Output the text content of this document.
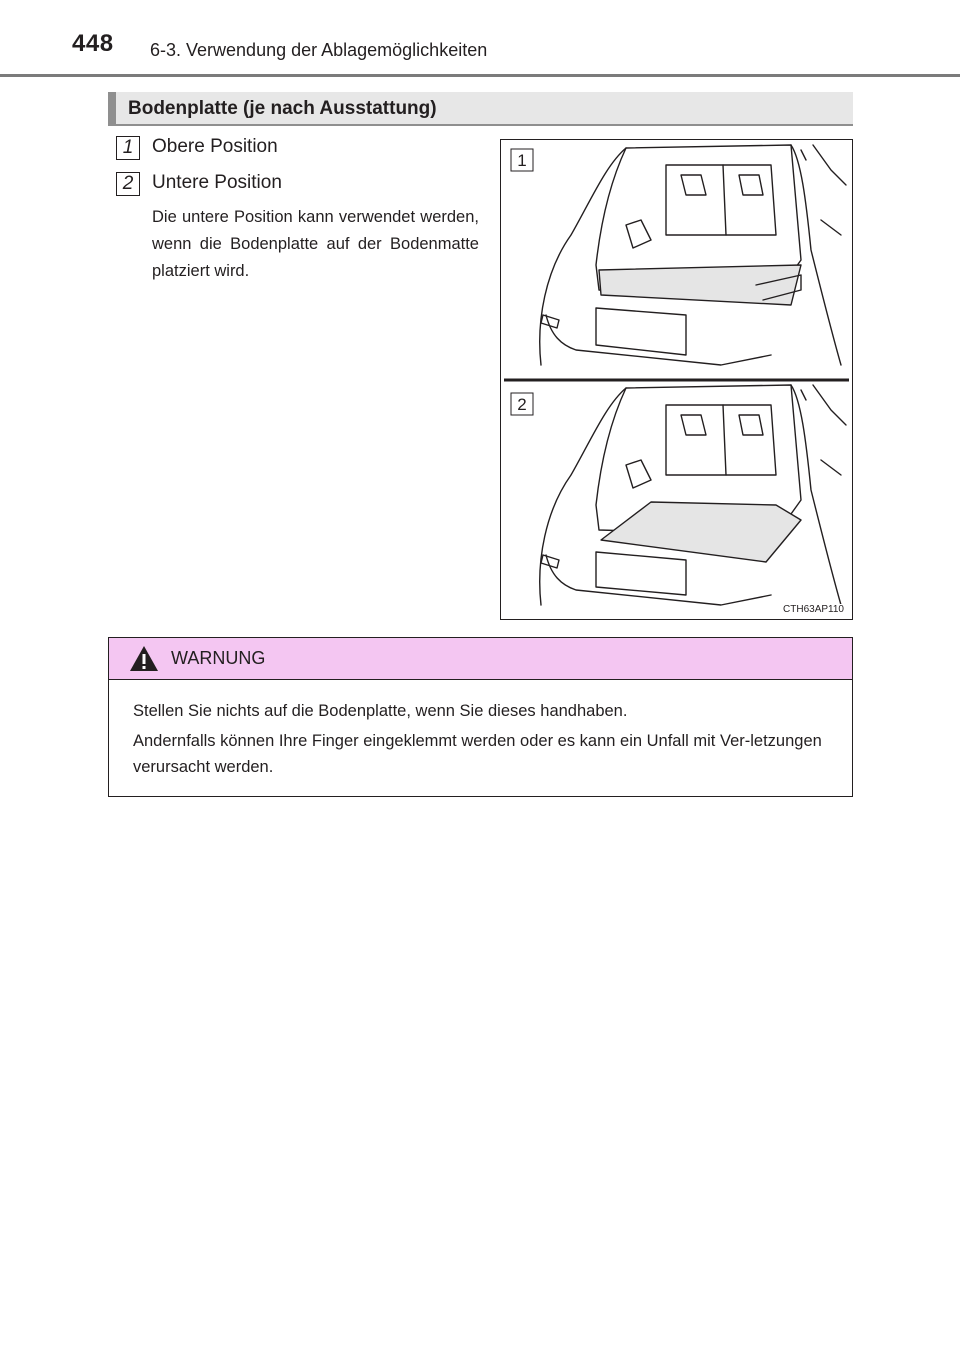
448 6-3. Verwendung der Ablagemöglichkeiten
Bodenplatte (je nach Ausstattung)
1 Obere Position
2 Untere Position
Die untere Position kann verwendet werden, wenn die Bodenplatte auf der Bodenmatte platziert wird.
1
2
CTH63AP110
WARNUNG
Stellen Sie nichts auf die Bodenplatte, wenn Sie dieses handhaben.
Andernfalls können Ihre Finger eingeklemmt werden oder es kann ein Unfall mit Ver-letzungen verursacht werden.
